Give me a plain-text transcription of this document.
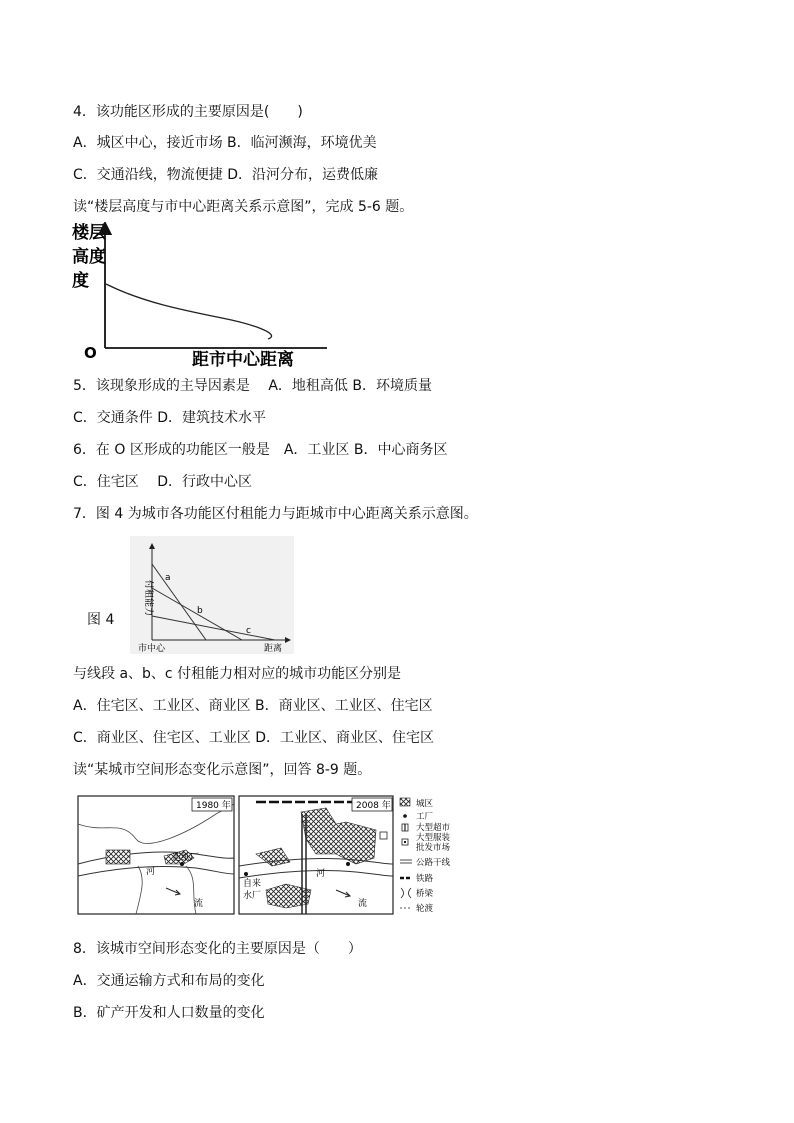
4．该功能区形成的主要原因是(　　)
A．城区中心，接近市场 B．临河濒海，环境优美
C．交通沿线，物流便捷 D．沿河分布，运费低廉
读“楼层高度与市中心距离关系示意图”，完成 5-6 题。
楼层
高度
度
O	距市中心距离
5．该现象形成的主导因素是　 A．地租高低 B．环境质量
C．交通条件 D．建筑技术水平
6．在 O 区形成的功能区一般是　A．工业区 B．中心商务区
C．住宅区　 D．行政中心区
7．图 4 为城市各功能区付租能力与距城市中心距离关系示意图。
图 4
付租能力
a
b
c
市中心	距离
与线段 a、b、c 付租能力相对应的城市功能区分别是
A．住宅区、工业区、商业区 B．商业区、工业区、住宅区
C．商业区、住宅区、工业区 D．工业区、商业区、住宅区
读“某城市空间形态变化示意图”，回答 8-9 题。
1980 年
造纸厂
河
流
2008 年
河
流
自来
水厂
城区
工厂
大型超市
大型服装
批发市场
公路干线
铁路
桥梁
轮渡
8．该城市空间形态变化的主要原因是（　　）
A．交通运输方式和布局的变化
B．矿产开发和人口数量的变化
